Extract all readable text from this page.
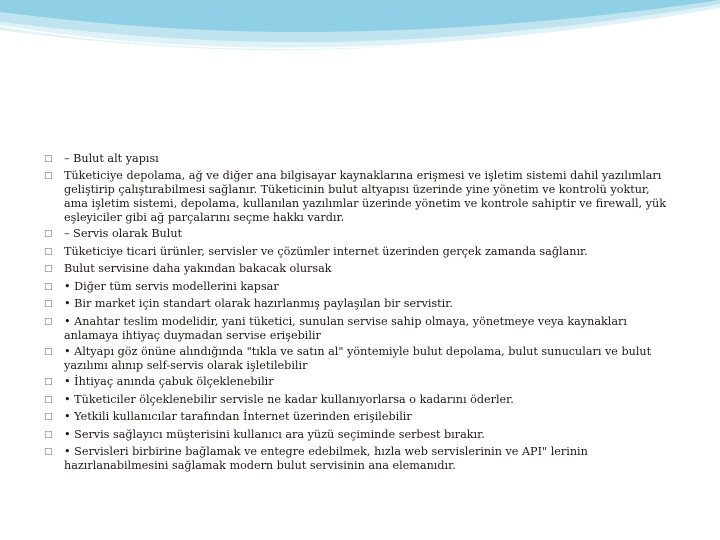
□	– Bulut alt yapısı
□	Tüketiciye depolama, ağ ve diğer ana bilgisayar kaynaklarına erişmesi ve işletim sistemi dahil yazılımları geliştirip çalıştırabilmesi sağlanır. Tüketicinin bulut altyapısı üzerinde yine yönetim ve kontrolü yoktur, ama işletim sistemi, depolama, kullanılan yazılımlar üzerinde yönetim ve kontrole sahiptir ve firewall, yük eşleyiciler gibi ağ parçalarını seçme hakkı vardır.
□	– Servis olarak Bulut
□	Tüketiciye ticari ürünler, servisler ve çözümler internet üzerinden gerçek zamanda sağlanır.
□	Bulut servisine daha yakından bakacak olursak
□	• Diğer tüm servis modellerini kapsar
□	• Bir market için standart olarak hazırlanmış paylaşılan bir servistir.
□	• Anahtar teslim modelidir, yani tüketici, sunulan servise sahip olmaya, yönetmeye veya kaynakları anlamaya ihtiyaç duymadan servise erişebilir
□	• Altyapı göz önüne alındığında "tıkla ve satın al" yöntemiyle bulut depolama, bulut sunucuları ve bulut yazılımı alınıp self-servis olarak işletilebilir
□	• İhtiyaç anında çabuk ölçeklenebilir
□	• Tüketiciler ölçeklenebilir servisle ne kadar kullanıyorlarsa o kadarını öderler.
□	• Yetkili kullanıcılar tarafından İnternet üzerinden erişilebilir
□	• Servis sağlayıcı müşterisini kullanıcı ara yüzü seçiminde serbest bırakır.
□	• Servisleri birbirine bağlamak ve entegre edebilmek, hızla web servislerinin ve API" lerinin hazırlanabilmesini sağlamak modern bulut servisinin ana elemanıdır.
